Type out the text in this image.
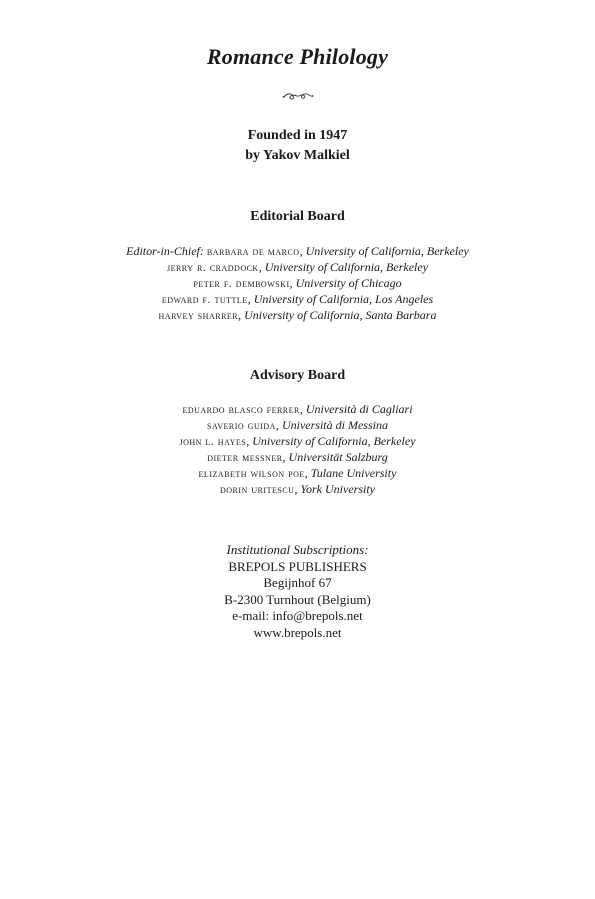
Romance Philology
Founded in 1947
by Yakov Malkiel
Editorial Board
Editor-in-Chief: barbara de marco, University of California, Berkeley
jerry r. craddock, University of California, Berkeley
peter f. dembowski, University of Chicago
edward f. tuttle, University of California, Los Angeles
harvey sharrer, University of California, Santa Barbara
Advisory Board
eduardo blasco ferrer, Università di Cagliari
saverio guida, Università di Messina
john l. hayes, University of California, Berkeley
dieter messner, Universität Salzburg
elizabeth wilson poe, Tulane University
dorin uritescu, York University
Institutional Subscriptions:
BREPOLS PUBLISHERS
Begijnhof 67
B-2300 Turnhout (Belgium)
e-mail: info@brepols.net
www.brepols.net
